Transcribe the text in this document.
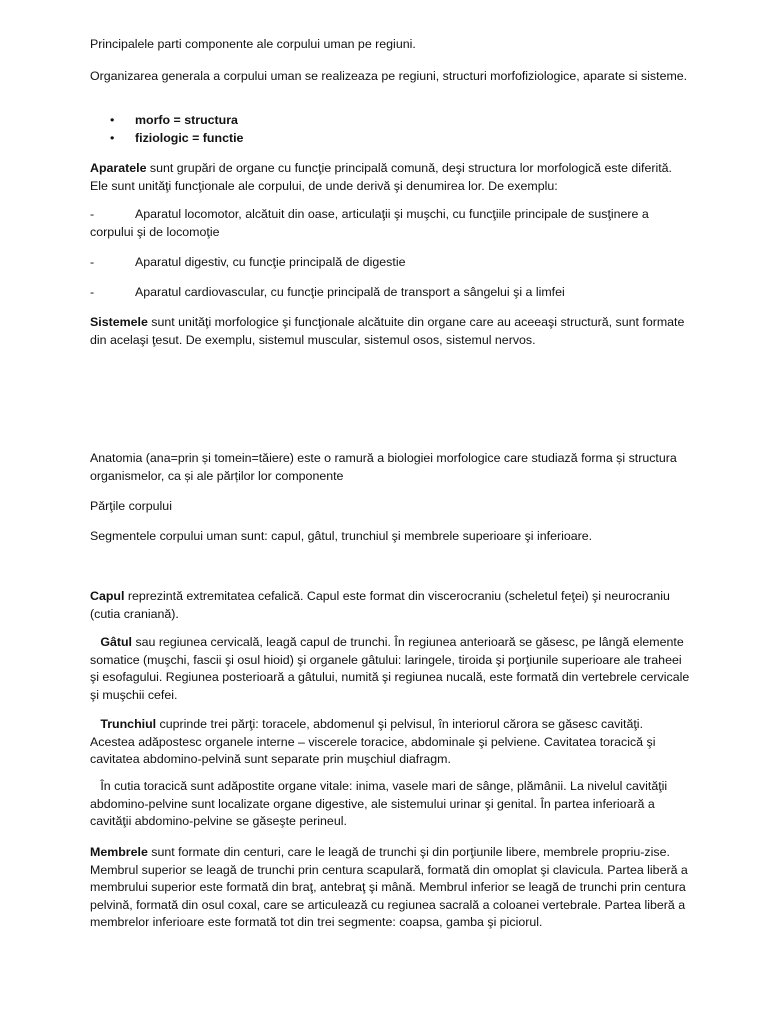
Principalele parti componente ale corpului uman pe regiuni.

Organizarea generala a corpului uman se realizeaza pe regiuni, structuri morfofiziologice, aparate si sisteme.

• morfo = structura
• fiziologic = functie

Aparatele sunt grupări de organe cu funcţie principală comună, deşi structura lor morfologică este diferită. Ele sunt unităţi funcţionale ale corpului, de unde derivă şi denumirea lor. De exemplu:

-	Aparatul locomotor, alcătuit din oase, articulaţii şi muşchi, cu funcţiile principale de susţinere a corpului şi de locomoţie
-	Aparatul digestiv, cu funcţie principală de digestie
-	Aparatul cardiovascular, cu funcţie principală de transport a sângelui şi a limfei

Sistemele sunt unităţi morfologice şi funcţionale alcătuite din organe care au aceeaşi structură, sunt formate din acelaşi ţesut. De exemplu, sistemul muscular, sistemul osos, sistemul nervos.

Anatomia (ana=prin și tomein=tăiere) este o ramură a biologiei morfologice care studiază forma și structura organismelor, ca și ale părților lor componente

Părţile corpului

Segmentele corpului uman sunt: capul, gâtul, trunchiul şi membrele superioare şi inferioare.

Capul reprezintă extremitatea cefalică. Capul este format din viscerocraniu (scheletul feţei) şi neurocraniu (cutia craniană).

Gâtul sau regiunea cervicală, leagă capul de trunchi. În regiunea anterioară se găsesc, pe lângă elemente somatice (muşchi, fascii şi osul hioid) şi organele gâtului: laringele, tiroida şi porţiunile superioare ale traheei şi esofagului. Regiunea posterioară a gâtului, numită şi regiunea nucală, este formată din vertebrele cervicale şi muşchii cefei.

Trunchiul cuprinde trei părţi: toracele, abdomenul şi pelvisul, în interiorul cărora se găsesc cavităţi. Acestea adăpostesc organele interne – viscerele toracice, abdominale şi pelviene. Cavitatea toracică şi cavitatea abdomino-pelvină sunt separate prin muşchiul diafragm.

În cutia toracică sunt adăpostite organe vitale: inima, vasele mari de sânge, plămânii. La nivelul cavităţii abdomino-pelvine sunt localizate organe digestive, ale sistemului urinar şi genital. În partea inferioară a cavităţii abdomino-pelvine se găseşte perineul.

Membrele sunt formate din centuri, care le leagă de trunchi şi din porţiunile libere, membrele propriu-zise. Membrul superior se leagă de trunchi prin centura scapulară, formată din omoplat şi clavicula. Partea liberă a membrului superior este formată din braţ, antebraţ şi mână. Membrul inferior se leagă de trunchi prin centura pelvină, formată din osul coxal, care se articulează cu regiunea sacrală a coloanei vertebrale. Partea liberă a membrelor inferioare este formată tot din trei segmente: coapsa, gamba şi piciorul.
